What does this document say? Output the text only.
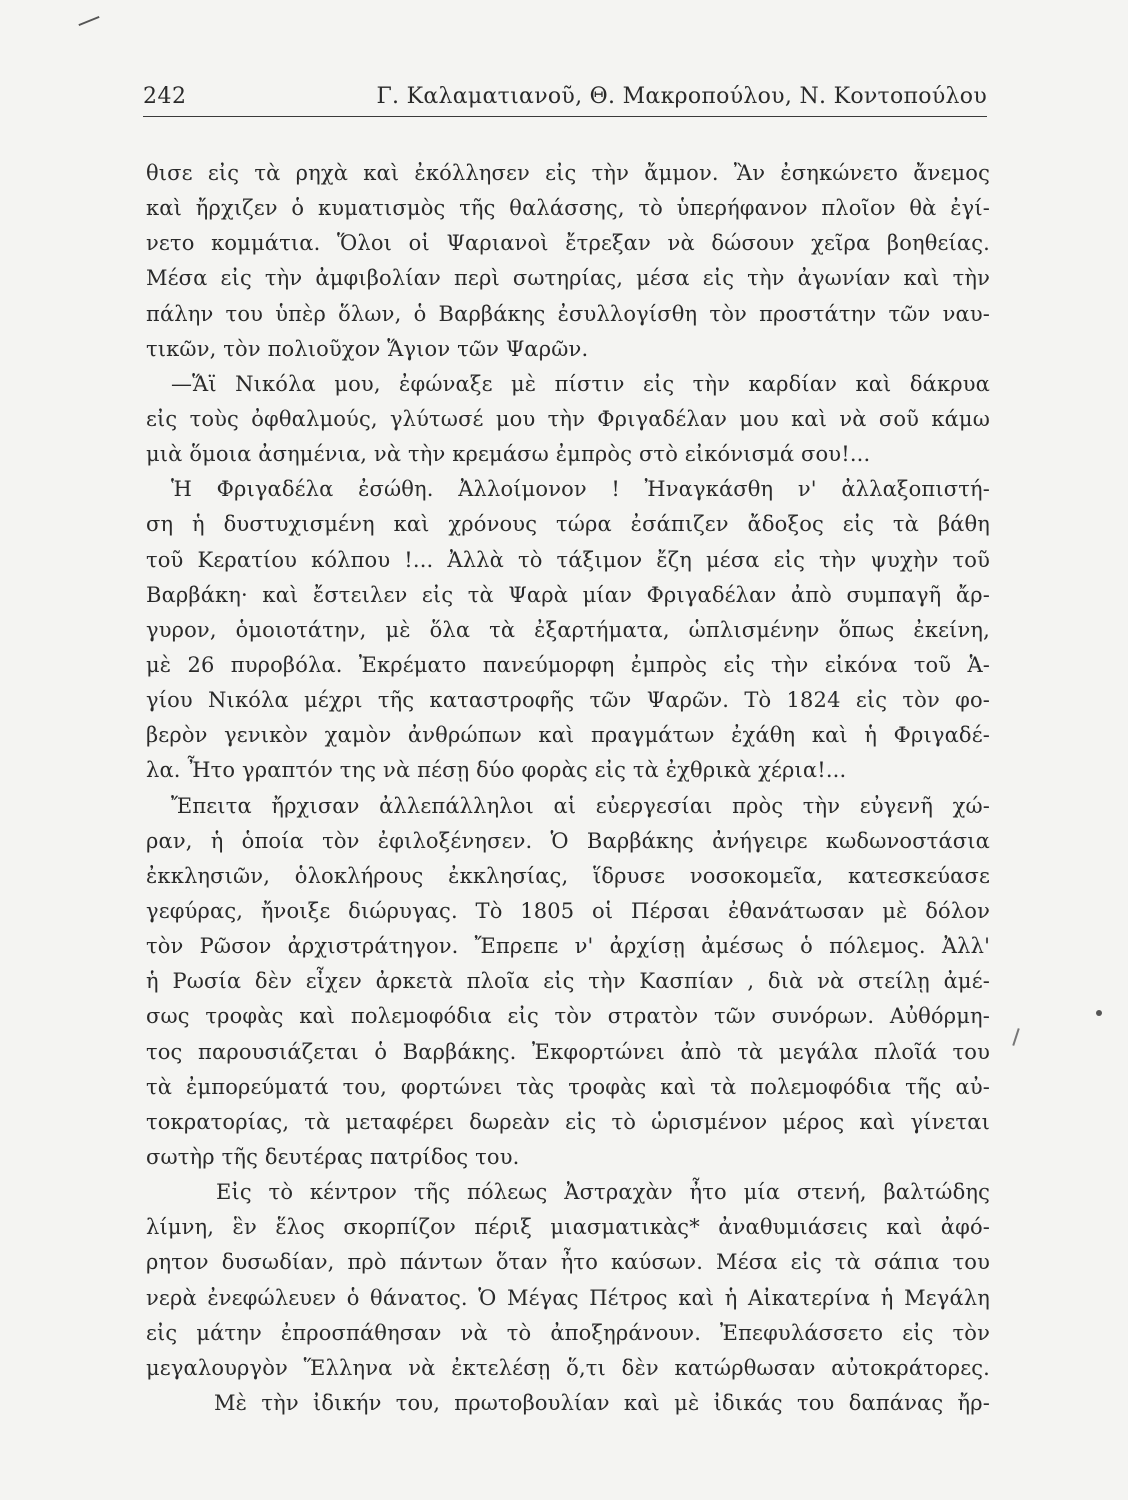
242	Γ. Καλαματιανοῦ, Θ. Μακροπούλου, Ν. Κοντοπούλου
θισε εἰς τὰ ρηχὰ καὶ ἐκόλλησεν εἰς τὴν ἄμμον. Ἂν ἐσηκώνετο ἄνεμος
καὶ ἤρχιζεν ὁ κυματισμὸς τῆς θαλάσσης, τὸ ὑπερήφανον πλοῖον θὰ ἐγί-
νετο κομμάτια. Ὅλοι οἱ Ψαριανοὶ ἔτρεξαν νὰ δώσουν χεῖρα βοηθείας.
Μέσα εἰς τὴν ἀμφιβολίαν περὶ σωτηρίας, μέσα εἰς τὴν ἀγωνίαν καὶ τὴν
πάλην του ὑπὲρ ὅλων, ὁ Βαρβάκης ἐσυλλογίσθη τὸν προστάτην τῶν ναυ-
τικῶν, τὸν πολιοῦχον Ἅγιον τῶν Ψαρῶν.
—Ἅϊ Νικόλα μου, ἐφώναξε μὲ πίστιν εἰς τὴν καρδίαν καὶ δάκρυα
εἰς τοὺς ὀφθαλμούς, γλύτωσέ μου τὴν Φριγαδέλαν μου καὶ νὰ σοῦ κάμω
μιὰ ὅμοια ἀσημένια, νὰ τὴν κρεμάσω ἐμπρὸς στὸ εἰκόνισμά σου!...
Ἡ Φριγαδέλα ἐσώθη. Ἀλλοίμονον ! Ἠναγκάσθη ν' ἀλλαξοπιστή-
ση ἡ δυστυχισμένη καὶ χρόνους τώρα ἐσάπιζεν ἄδοξος εἰς τὰ βάθη
τοῦ Κερατίου κόλπου !... Ἀλλὰ τὸ τάξιμον ἔζη μέσα εἰς τὴν ψυχὴν τοῦ
Βαρβάκη· καὶ ἔστειλεν εἰς τὰ Ψαρὰ μίαν Φριγαδέλαν ἀπὸ συμπαγῆ ἄρ-
γυρον, ὁμοιοτάτην, μὲ ὅλα τὰ ἐξαρτήματα, ὡπλισμένην ὅπως ἐκείνη,
μὲ 26 πυροβόλα. Ἐκρέματο πανεύμορφη ἐμπρὸς εἰς τὴν εἰκόνα τοῦ Ἁ-
γίου Νικόλα μέχρι τῆς καταστροφῆς τῶν Ψαρῶν. Τὸ 1824 εἰς τὸν φο-
βερὸν γενικὸν χαμὸν ἀνθρώπων καὶ πραγμάτων ἐχάθη καὶ ἡ Φριγαδέ-
λα. Ἦτο γραπτόν της νὰ πέσῃ δύο φορὰς εἰς τὰ ἐχθρικὰ χέρια!...
Ἔπειτα ἤρχισαν ἀλλεπάλληλοι αἱ εὐεργεσίαι πρὸς τὴν εὐγενῆ χώ-
ραν, ἡ ὁποία τὸν ἐφιλοξένησεν. Ὁ Βαρβάκης ἀνήγειρε κωδωνοστάσια
ἐκκλησιῶν, ὁλοκλήρους ἐκκλησίας, ἵδρυσε νοσοκομεῖα, κατεσκεύασε
γεφύρας, ἤνοιξε διώρυγας. Τὸ 1805 οἱ Πέρσαι ἐθανάτωσαν μὲ δόλον
τὸν Ρῶσον ἀρχιστράτηγον. Ἔπρεπε ν' ἀρχίσῃ ἀμέσως ὁ πόλεμος. Ἀλλ'
ἡ Ρωσία δὲν εἶχεν ἀρκετὰ πλοῖα εἰς τὴν Κασπίαν , διὰ νὰ στείλῃ ἀμέ-
σως τροφὰς καὶ πολεμοφόδια εἰς τὸν στρατὸν τῶν συνόρων. Αὐθόρμη-
τος παρουσιάζεται ὁ Βαρβάκης. Ἐκφορτώνει ἀπὸ τὰ μεγάλα πλοῖά του
τὰ ἐμπορεύματά του, φορτώνει τὰς τροφὰς καὶ τὰ πολεμοφόδια τῆς αὐ-
τοκρατορίας, τὰ μεταφέρει δωρεὰν εἰς τὸ ὡρισμένον μέρος καὶ γίνεται
σωτὴρ τῆς δευτέρας πατρίδος του.
Εἰς τὸ κέντρον τῆς πόλεως Ἀστραχὰν ἦτο μία στενή, βαλτώδης
λίμνη, ἓν ἕλος σκορπίζον πέριξ μιασματικὰς* ἀναθυμιάσεις καὶ ἀφό-
ρητον δυσωδίαν, πρὸ πάντων ὅταν ἦτο καύσων. Μέσα εἰς τὰ σάπια του
νερὰ ἐνεφώλευεν ὁ θάνατος. Ὁ Μέγας Πέτρος καὶ ἡ Αἰκατερίνα ἡ Μεγάλη
εἰς μάτην ἐπροσπάθησαν νὰ τὸ ἀποξηράνουν. Ἐπεφυλάσσετο εἰς τὸν
μεγαλουργὸν Ἕλληνα νὰ ἐκτελέσῃ ὅ,τι δὲν κατώρθωσαν αὐτοκράτορες.
Μὲ τὴν ἰδικήν του, πρωτοβουλίαν καὶ μὲ ἰδικάς του δαπάνας ἤρ-
